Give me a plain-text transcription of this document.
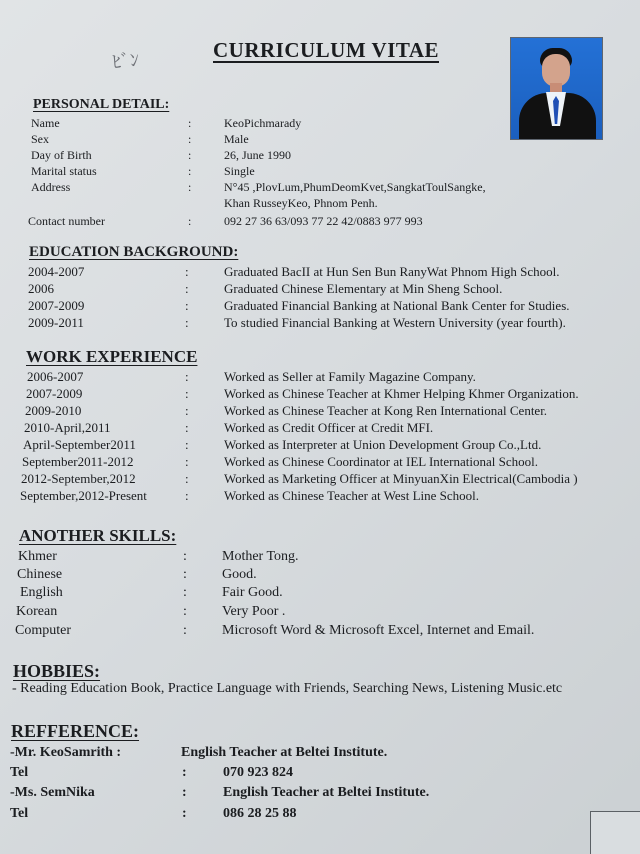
ﾋﾞﾝ	CURRICULUM VITAE
PERSONAL DETAIL:
Name	:	KeoPichmarady
Sex	:	Male
Day of Birth	:	26, June 1990
Marital status	:	Single
Address	:	N°45 ,PlovLum,PhumDeomKvet,SangkatToulSangke,
Khan RusseyKeo, Phnom Penh.
Contact number	:	092 27 36 63/093 77 22 42/0883 977 993
EDUCATION BACKGROUND:
2004-2007	:	Graduated BacII at Hun Sen Bun RanyWat Phnom High School.
2006	:	Graduated Chinese Elementary at Min Sheng School.
2007-2009	:	Graduated Financial Banking at National Bank Center for Studies.
2009-2011	:	To studied Financial Banking at Western University (year fourth).
WORK EXPERIENCE
2006-2007	:	Worked as Seller at Family Magazine Company.
2007-2009	:	Worked as Chinese Teacher at Khmer Helping Khmer Organization.
2009-2010	:	Worked as Chinese Teacher at Kong Ren International Center.
2010-April,2011	:	Worked as Credit Officer at Credit MFI.
April-September2011	:	Worked as Interpreter at Union Development Group Co.,Ltd.
September2011-2012	:	Worked as Chinese Coordinator at IEL International School.
2012-September,2012	:	Worked as Marketing Officer at MinyuanXin Electrical(Cambodia )
September,2012-Present	:	Worked as Chinese Teacher at West Line School.
ANOTHER SKILLS:
Khmer	:	Mother Tong.
Chinese	:	Good.
English	:	Fair Good.
Korean	:	Very Poor .
Computer	:	Microsoft Word & Microsoft Excel, Internet and Email.
HOBBIES:
- Reading Education Book, Practice Language with Friends, Searching News, Listening Music.etc
REFFERENCE:
-Mr. KeoSamrith :	English Teacher at Beltei Institute.
Tel	:	070 923 824
-Ms. SemNika	:	English Teacher at Beltei Institute.
Tel	:	086 28 25 88
